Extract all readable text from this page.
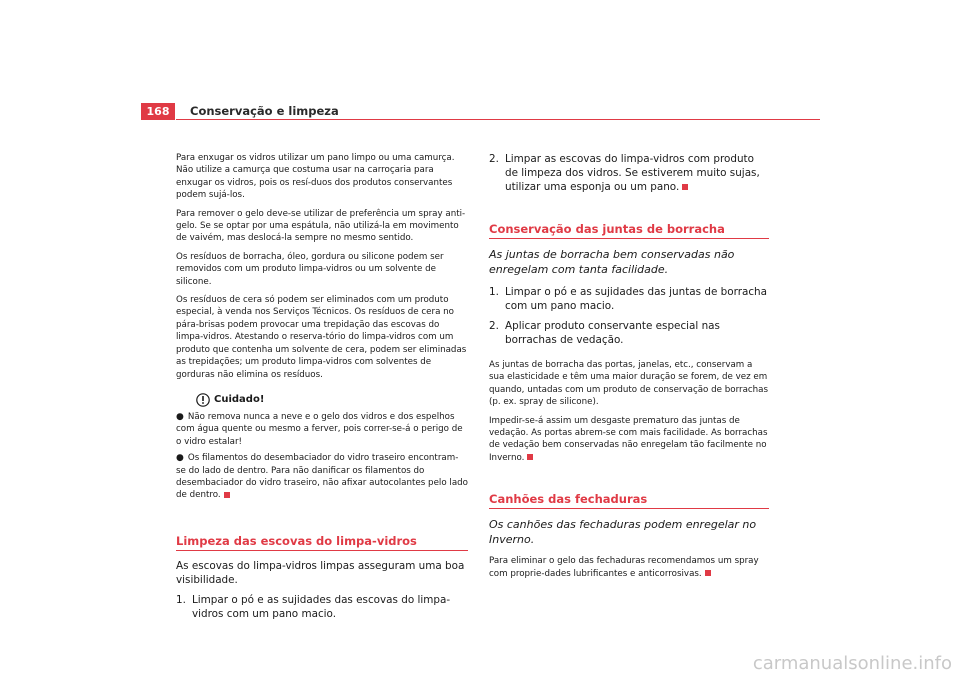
168	Conservação e limpeza

Para enxugar os vidros utilizar um pano limpo ou uma camurça. Não utilize a camurça que costuma usar na carroçaria para enxugar os vidros, pois os resí-duos dos produtos conservantes podem sujá-los.

Para remover o gelo deve-se utilizar de preferência um spray anti-gelo. Se se optar por uma espátula, não utilizá-la em movimento de vaivém, mas deslocá-la sempre no mesmo sentido.

Os resíduos de borracha, óleo, gordura ou silicone podem ser removidos com um produto limpa-vidros ou um solvente de silicone.

Os resíduos de cera só podem ser eliminados com um produto especial, à venda nos Serviços Técnicos. Os resíduos de cera no pára-brisas podem provocar uma trepidação das escovas do limpa-vidros. Atestando o reserva-tório do limpa-vidros com um produto que contenha um solvente de cera, podem ser eliminadas as trepidações; um produto limpa-vidros com solventes de gorduras não elimina os resíduos.

Cuidado!
● Não remova nunca a neve e o gelo dos vidros e dos espelhos com água quente ou mesmo a ferver, pois correr-se-á o perigo de o vidro estalar!
● Os filamentos do desembaciador do vidro traseiro encontram-se do lado de dentro. Para não danificar os filamentos do desembaciador do vidro traseiro, não afixar autocolantes pelo lado de dentro.
Limpeza das escovas do limpa-vidros

As escovas do limpa-vidros limpas asseguram uma boa visibilidade.

1. Limpar o pó e as sujidades das escovas do limpa-vidros com um pano macio.
2. Limpar as escovas do limpa-vidros com produto de limpeza dos vidros. Se estiverem muito sujas, utilizar uma esponja ou um pano.
Conservação das juntas de borracha
As juntas de borracha bem conservadas não enregelam com tanta facilidade.
1. Limpar o pó e as sujidades das juntas de borracha com um pano macio.
2. Aplicar produto conservante especial nas borrachas de vedação.

As juntas de borracha das portas, janelas, etc., conservam a sua elasticidade e têm uma maior duração se forem, de vez em quando, untadas com um produto de conservação de borrachas (p. ex. spray de silicone).

Impedir-se-á assim um desgaste prematuro das juntas de vedação. As portas abrem-se com mais facilidade. As borrachas de vedação bem conservadas não enregelam tão facilmente no Inverno.

Canhões das fechaduras
Os canhões das fechaduras podem enregelar no Inverno.

Para eliminar o gelo das fechaduras recomendamos um spray com proprie-dades lubrificantes e anticorrosivas.

carmanualsonline.info
